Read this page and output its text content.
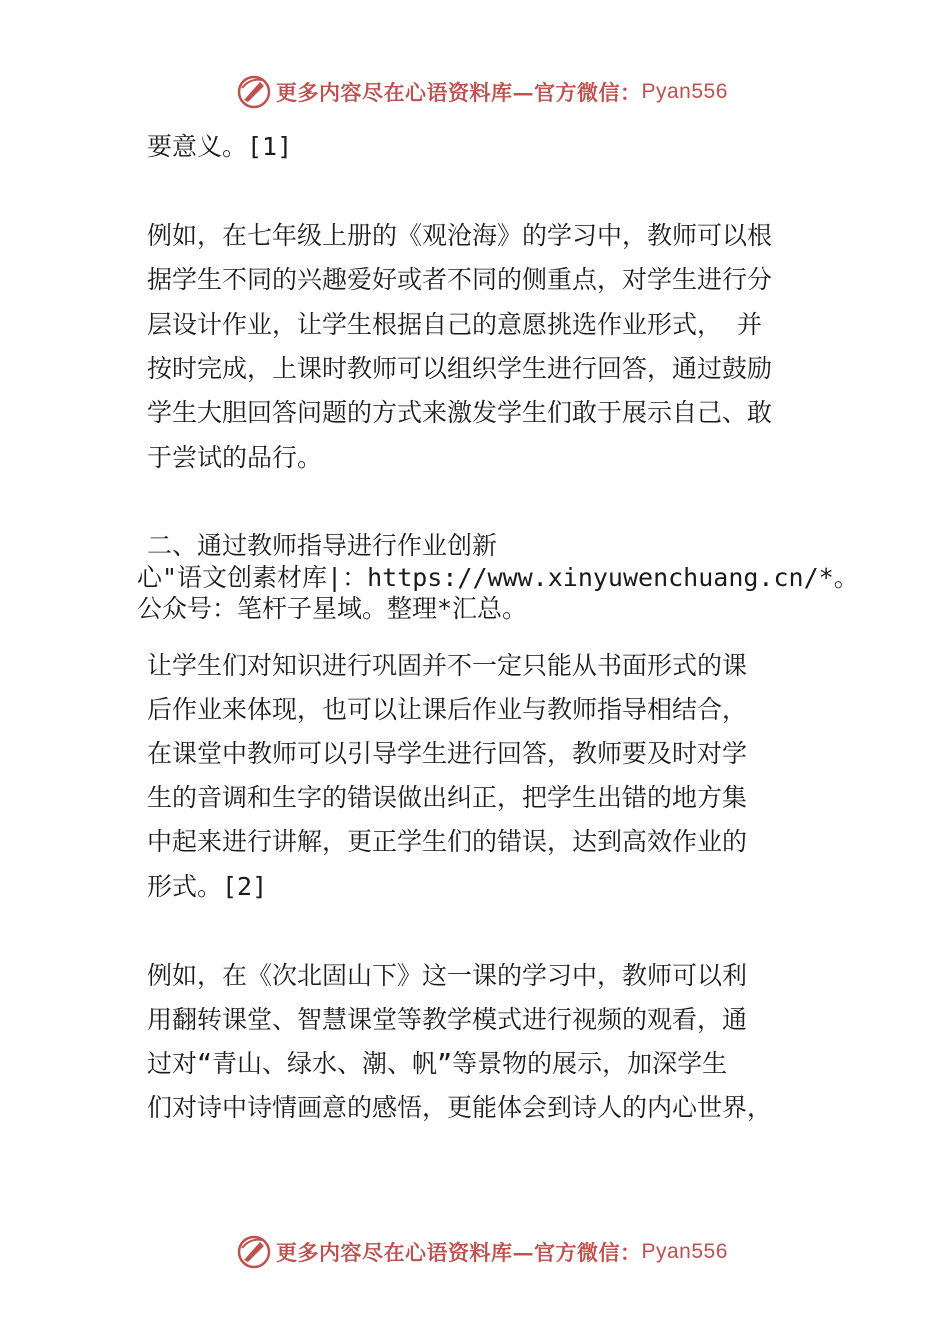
更多内容尽在心语资料库—官方微信： Pyan556
要意义。[1]
例如，在七年级上册的《观沧海》的学习中，教师可以根
据学生不同的兴趣爱好或者不同的侧重点，对学生进行分
层设计作业，让学生根据自己的意愿挑选作业形式， 并
按时完成，上课时教师可以组织学生进行回答，通过鼓励
学生大胆回答问题的方式来激发学生们敢于展示自己、敢
于尝试的品行。
二、通过教师指导进行作业创新
心"语文创素材库|：https://www.xinyuwenchuang.cn/*。
公众号：笔杆子星域。整理*汇总。
让学生们对知识进行巩固并不一定只能从书面形式的课
后作业来体现，也可以让课后作业与教师指导相结合，
在课堂中教师可以引导学生进行回答，教师要及时对学
生的音调和生字的错误做出纠正，把学生出错的地方集
中起来进行讲解，更正学生们的错误，达到高效作业的
形式。[2]
例如，在《次北固山下》这一课的学习中，教师可以利
用翻转课堂、智慧课堂等教学模式进行视频的观看，通
过对“青山、绿水、潮、帆”等景物的展示，加深学生
们对诗中诗情画意的感悟，更能体会到诗人的内心世界，
更多内容尽在心语资料库—官方微信： Pyan556
